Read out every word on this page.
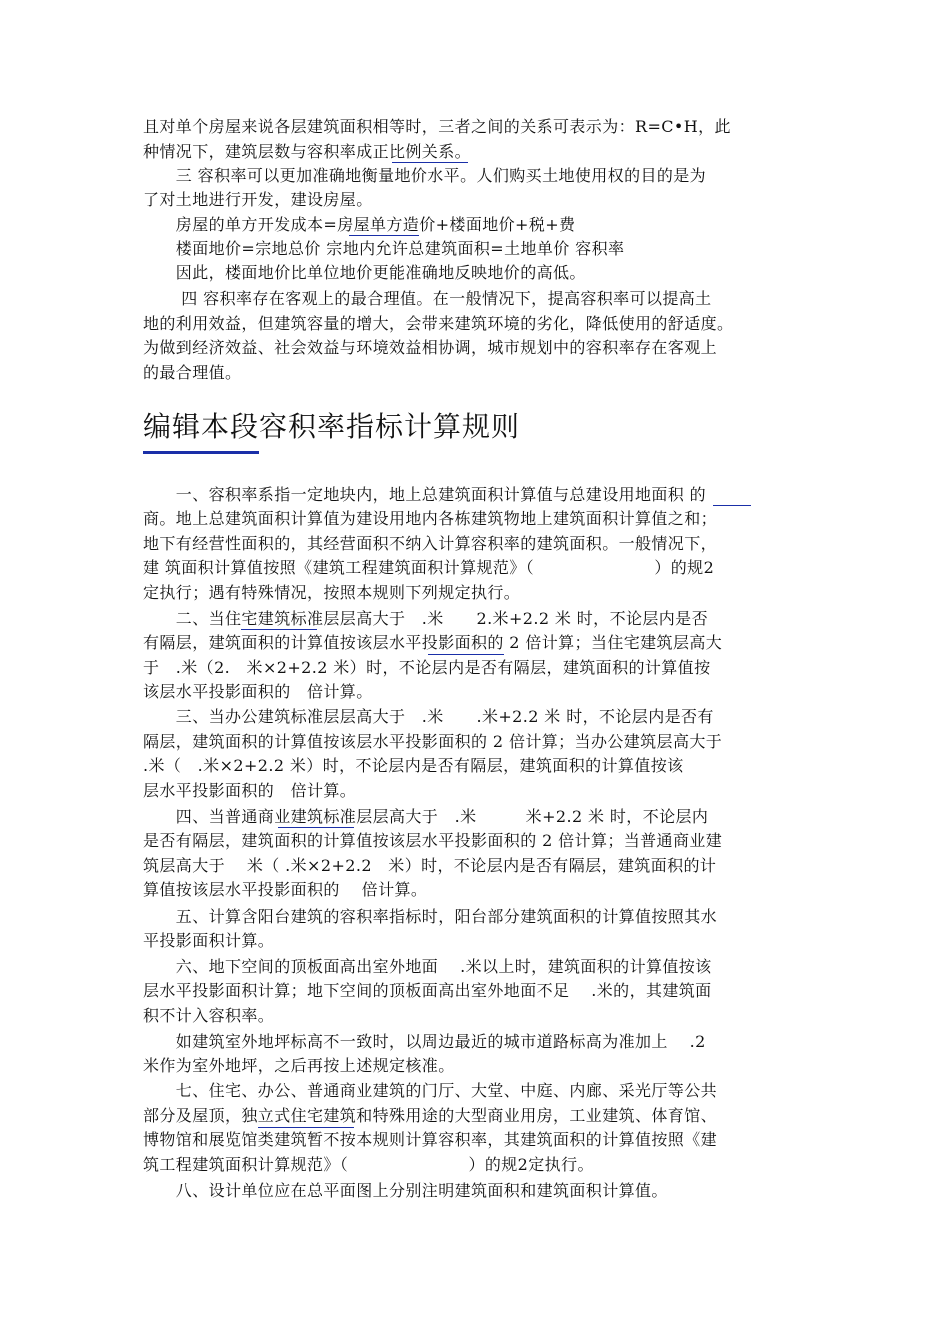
且对单个房屋来说各层建筑面积相等时，三者之间的关系可表示为：R=C•H，此
种情况下，建筑层数与容积率成正比例关系。
　　三 容积率可以更加准确地衡量地价水平。人们购买土地使用权的目的是为
了对土地进行开发，建设房屋。
　　房屋的单方开发成本=房屋单方造价+楼面地价+税+费
　　楼面地价=宗地总价 宗地内允许总建筑面积=土地单价 容积率
　　因此，楼面地价比单位地价更能准确地反映地价的高低。
　　 四 容积率存在客观上的最合理值。在一般情况下，提高容积率可以提高土
地的利用效益，但建筑容量的增大，会带来建筑环境的劣化，降低使用的舒适度。
为做到经济效益、社会效益与环境效益相协调，城市规划中的容积率存在客观上
的最合理值。
编辑本段容积率指标计算规则
　　一、容积率系指一定地块内，地上总建筑面积计算值与总建设用地面积 的
商。地上总建筑面积计算值为建设用地内各栋建筑物地上建筑面积计算值之和；
地下有经营性面积的，其经营面积不纳入计算容积率的建筑面积。一般情况下，
建 筑面积计算值按照《建筑工程建筑面积计算规范》（　　　　　　　 ）的规2
定执行；遇有特殊情况，按照本规则下列规定执行。
　　二、当住宅建筑标准层层高大于　.米　　2.米+2.2 米 时，不论层内是否
有隔层，建筑面积的计算值按该层水平投影面积的 2 倍计算；当住宅建筑层高大
于　.米（2.　米×2+2.2 米）时，不论层内是否有隔层，建筑面积的计算值按
该层水平投影面积的　倍计算。
　　三、当办公建筑标准层层高大于　.米　　.米+2.2 米 时，不论层内是否有
隔层，建筑面积的计算值按该层水平投影面积的 2 倍计算；当办公建筑层高大于
.米（　.米×2+2.2 米）时，不论层内是否有隔层，建筑面积的计算值按该
层水平投影面积的　倍计算。
　　四、当普通商业建筑标准层层高大于　.米　　　米+2.2 米 时，不论层内
是否有隔层，建筑面积的计算值按该层水平投影面积的 2 倍计算；当普通商业建
筑层高大于　 米（ .米×2+2.2　米）时，不论层内是否有隔层，建筑面积的计
算值按该层水平投影面积的　 倍计算。
　　五、计算含阳台建筑的容积率指标时，阳台部分建筑面积的计算值按照其水
平投影面积计算。
　　六、地下空间的顶板面高出室外地面　 .米以上时，建筑面积的计算值按该
层水平投影面积计算；地下空间的顶板面高出室外地面不足　 .米的，其建筑面
积不计入容积率。
　　如建筑室外地坪标高不一致时，以周边最近的城市道路标高为准加上　 .2
米作为室外地坪，之后再按上述规定核准。
　　七、住宅、办公、普通商业建筑的门厅、大堂、中庭、内廊、采光厅等公共
部分及屋顶，独立式住宅建筑和特殊用途的大型商业用房，工业建筑、体育馆、
博物馆和展览馆类建筑暂不按本规则计算容积率，其建筑面积的计算值按照《建
筑工程建筑面积计算规范》（　　　　　　　 ）的规2定执行。
　　八、设计单位应在总平面图上分别注明建筑面积和建筑面积计算值。
